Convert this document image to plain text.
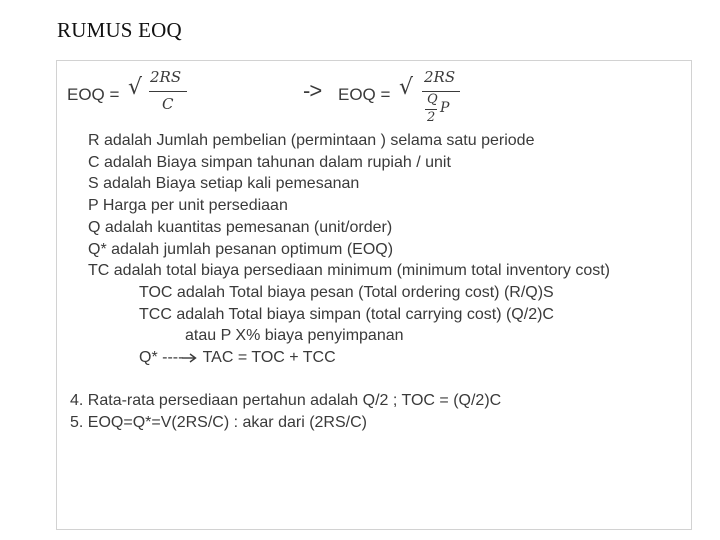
RUMUS EOQ
EOQ = √ 2RS
C
-> EOQ = √ 2RS
Q
2
P
R adalah Jumlah pembelian (permintaan ) selama satu periode
C adalah Biaya simpan tahunan dalam rupiah / unit
S adalah Biaya setiap kali pemesanan
P Harga per unit persediaan
Q adalah kuantitas pemesanan (unit/order)
Q* adalah jumlah pesanan optimum (EOQ)
TC adalah total biaya persediaan minimum (minimum total inventory cost)
TOC adalah Total biaya pesan (Total ordering cost) (R/Q)S
TCC adalah Total biaya simpan (total carrying cost) (Q/2)C
atau P X% biaya penyimpanan
Q* ---- TAC = TOC + TCC
4. Rata-rata persediaan pertahun adalah Q/2 ; TOC = (Q/2)C
5. EOQ=Q*=V(2RS/C) : akar dari (2RS/C)
